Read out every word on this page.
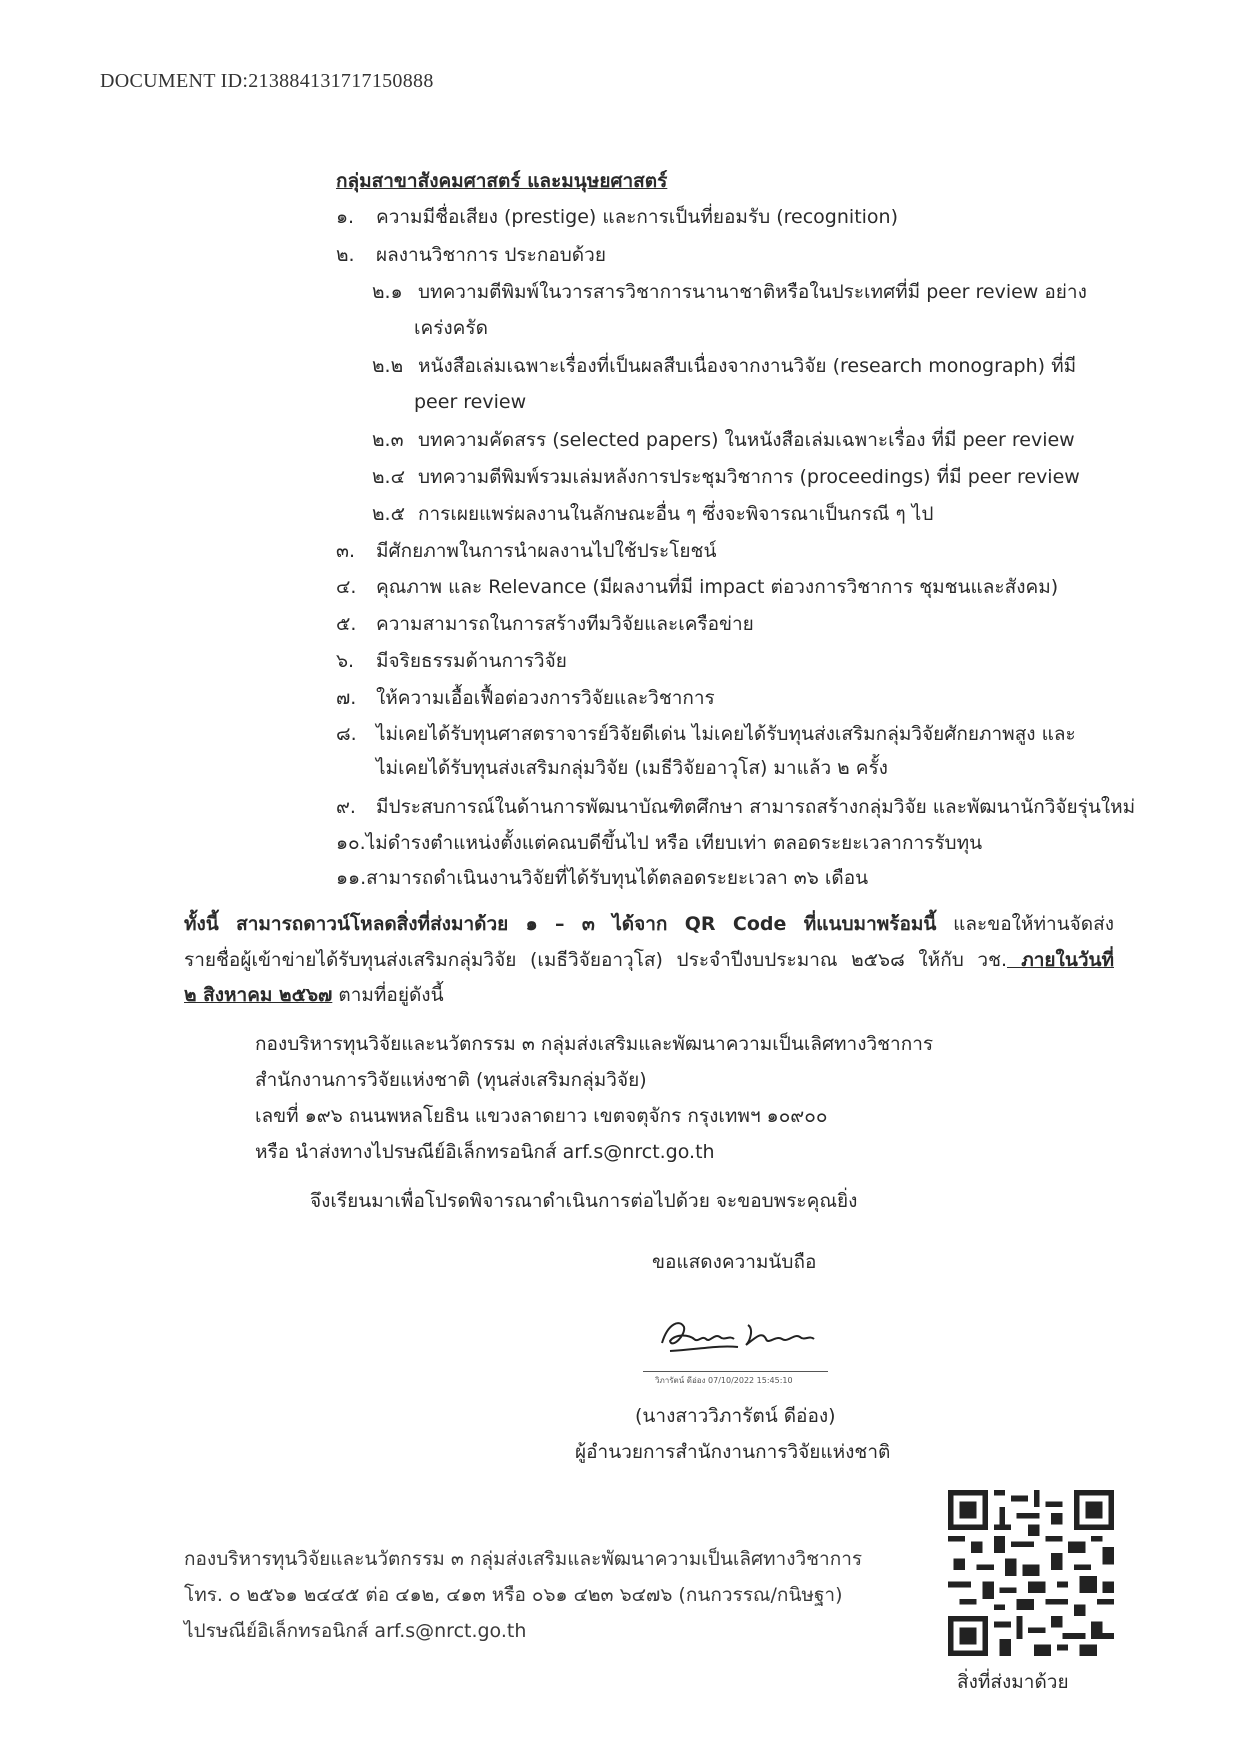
DOCUMENT ID:213884131717150888
กลุ่มสาขาสังคมศาสตร์ และมนุษยศาสตร์
๑. ความมีชื่อเสียง (prestige) และการเป็นที่ยอมรับ (recognition)
๒. ผลงานวิชาการ ประกอบด้วย
๒.๑ บทความตีพิมพ์ในวารสารวิชาการนานาชาติหรือในประเทศที่มี peer review อย่าง
เคร่งครัด
๒.๒ หนังสือเล่มเฉพาะเรื่องที่เป็นผลสืบเนื่องจากงานวิจัย (research monograph) ที่มี
peer review
๒.๓ บทความคัดสรร (selected papers) ในหนังสือเล่มเฉพาะเรื่อง ที่มี peer review
๒.๔ บทความตีพิมพ์รวมเล่มหลังการประชุมวิชาการ (proceedings) ที่มี peer review
๒.๕ การเผยแพร่ผลงานในลักษณะอื่น ๆ ซึ่งจะพิจารณาเป็นกรณี ๆ ไป
๓. มีศักยภาพในการนำผลงานไปใช้ประโยชน์
๔. คุณภาพ และ Relevance (มีผลงานที่มี impact ต่อวงการวิชาการ ชุมชนและสังคม)
๕. ความสามารถในการสร้างทีมวิจัยและเครือข่าย
๖. มีจริยธรรมด้านการวิจัย
๗. ให้ความเอื้อเฟื้อต่อวงการวิจัยและวิชาการ
๘. ไม่เคยได้รับทุนศาสตราจารย์วิจัยดีเด่น ไม่เคยได้รับทุนส่งเสริมกลุ่มวิจัยศักยภาพสูง และ
ไม่เคยได้รับทุนส่งเสริมกลุ่มวิจัย (เมธีวิจัยอาวุโส) มาแล้ว ๒ ครั้ง
๙. มีประสบการณ์ในด้านการพัฒนาบัณฑิตศึกษา สามารถสร้างกลุ่มวิจัย และพัฒนานักวิจัยรุ่นใหม่
๑๐.ไม่ดำรงตำแหน่งตั้งแต่คณบดีขึ้นไป หรือ เทียบเท่า ตลอดระยะเวลาการรับทุน
๑๑.สามารถดำเนินงานวิจัยที่ได้รับทุนได้ตลอดระยะเวลา ๓๖ เดือน
ทั้งนี้ สามารถดาวน์โหลดสิ่งที่ส่งมาด้วย ๑ – ๓ ได้จาก QR Code ที่แนบมาพร้อมนี้ และขอให้ท่านจัดส่ง
รายชื่อผู้เข้าข่ายได้รับทุนส่งเสริมกลุ่มวิจัย (เมธีวิจัยอาวุโส) ประจำปีงบประมาณ ๒๕๖๘ ให้กับ วช. ภายในวันที่
๒ สิงหาคม ๒๕๖๗ ตามที่อยู่ดังนี้
กองบริหารทุนวิจัยและนวัตกรรม ๓ กลุ่มส่งเสริมและพัฒนาความเป็นเลิศทางวิชาการ
สำนักงานการวิจัยแห่งชาติ (ทุนส่งเสริมกลุ่มวิจัย)
เลขที่ ๑๙๖ ถนนพหลโยธิน แขวงลาดยาว เขตจตุจักร กรุงเทพฯ ๑๐๙๐๐
หรือ นำส่งทางไปรษณีย์อิเล็กทรอนิกส์ arf.s@nrct.go.th
จึงเรียนมาเพื่อโปรดพิจารณาดำเนินการต่อไปด้วย จะขอบพระคุณยิ่ง
ขอแสดงความนับถือ
วิภารัตน์ ดีอ่อง 07/10/2022 15:45:10
(นางสาววิภารัตน์ ดีอ่อง)
ผู้อำนวยการสำนักงานการวิจัยแห่งชาติ
กองบริหารทุนวิจัยและนวัตกรรม ๓ กลุ่มส่งเสริมและพัฒนาความเป็นเลิศทางวิชาการ
โทร. ๐ ๒๕๖๑ ๒๔๔๕ ต่อ ๔๑๒, ๔๑๓ หรือ ๐๖๑ ๔๒๓ ๖๔๗๖ (กนกวรรณ/กนิษฐา)
ไปรษณีย์อิเล็กทรอนิกส์ arf.s@nrct.go.th
สิ่งที่ส่งมาด้วย
